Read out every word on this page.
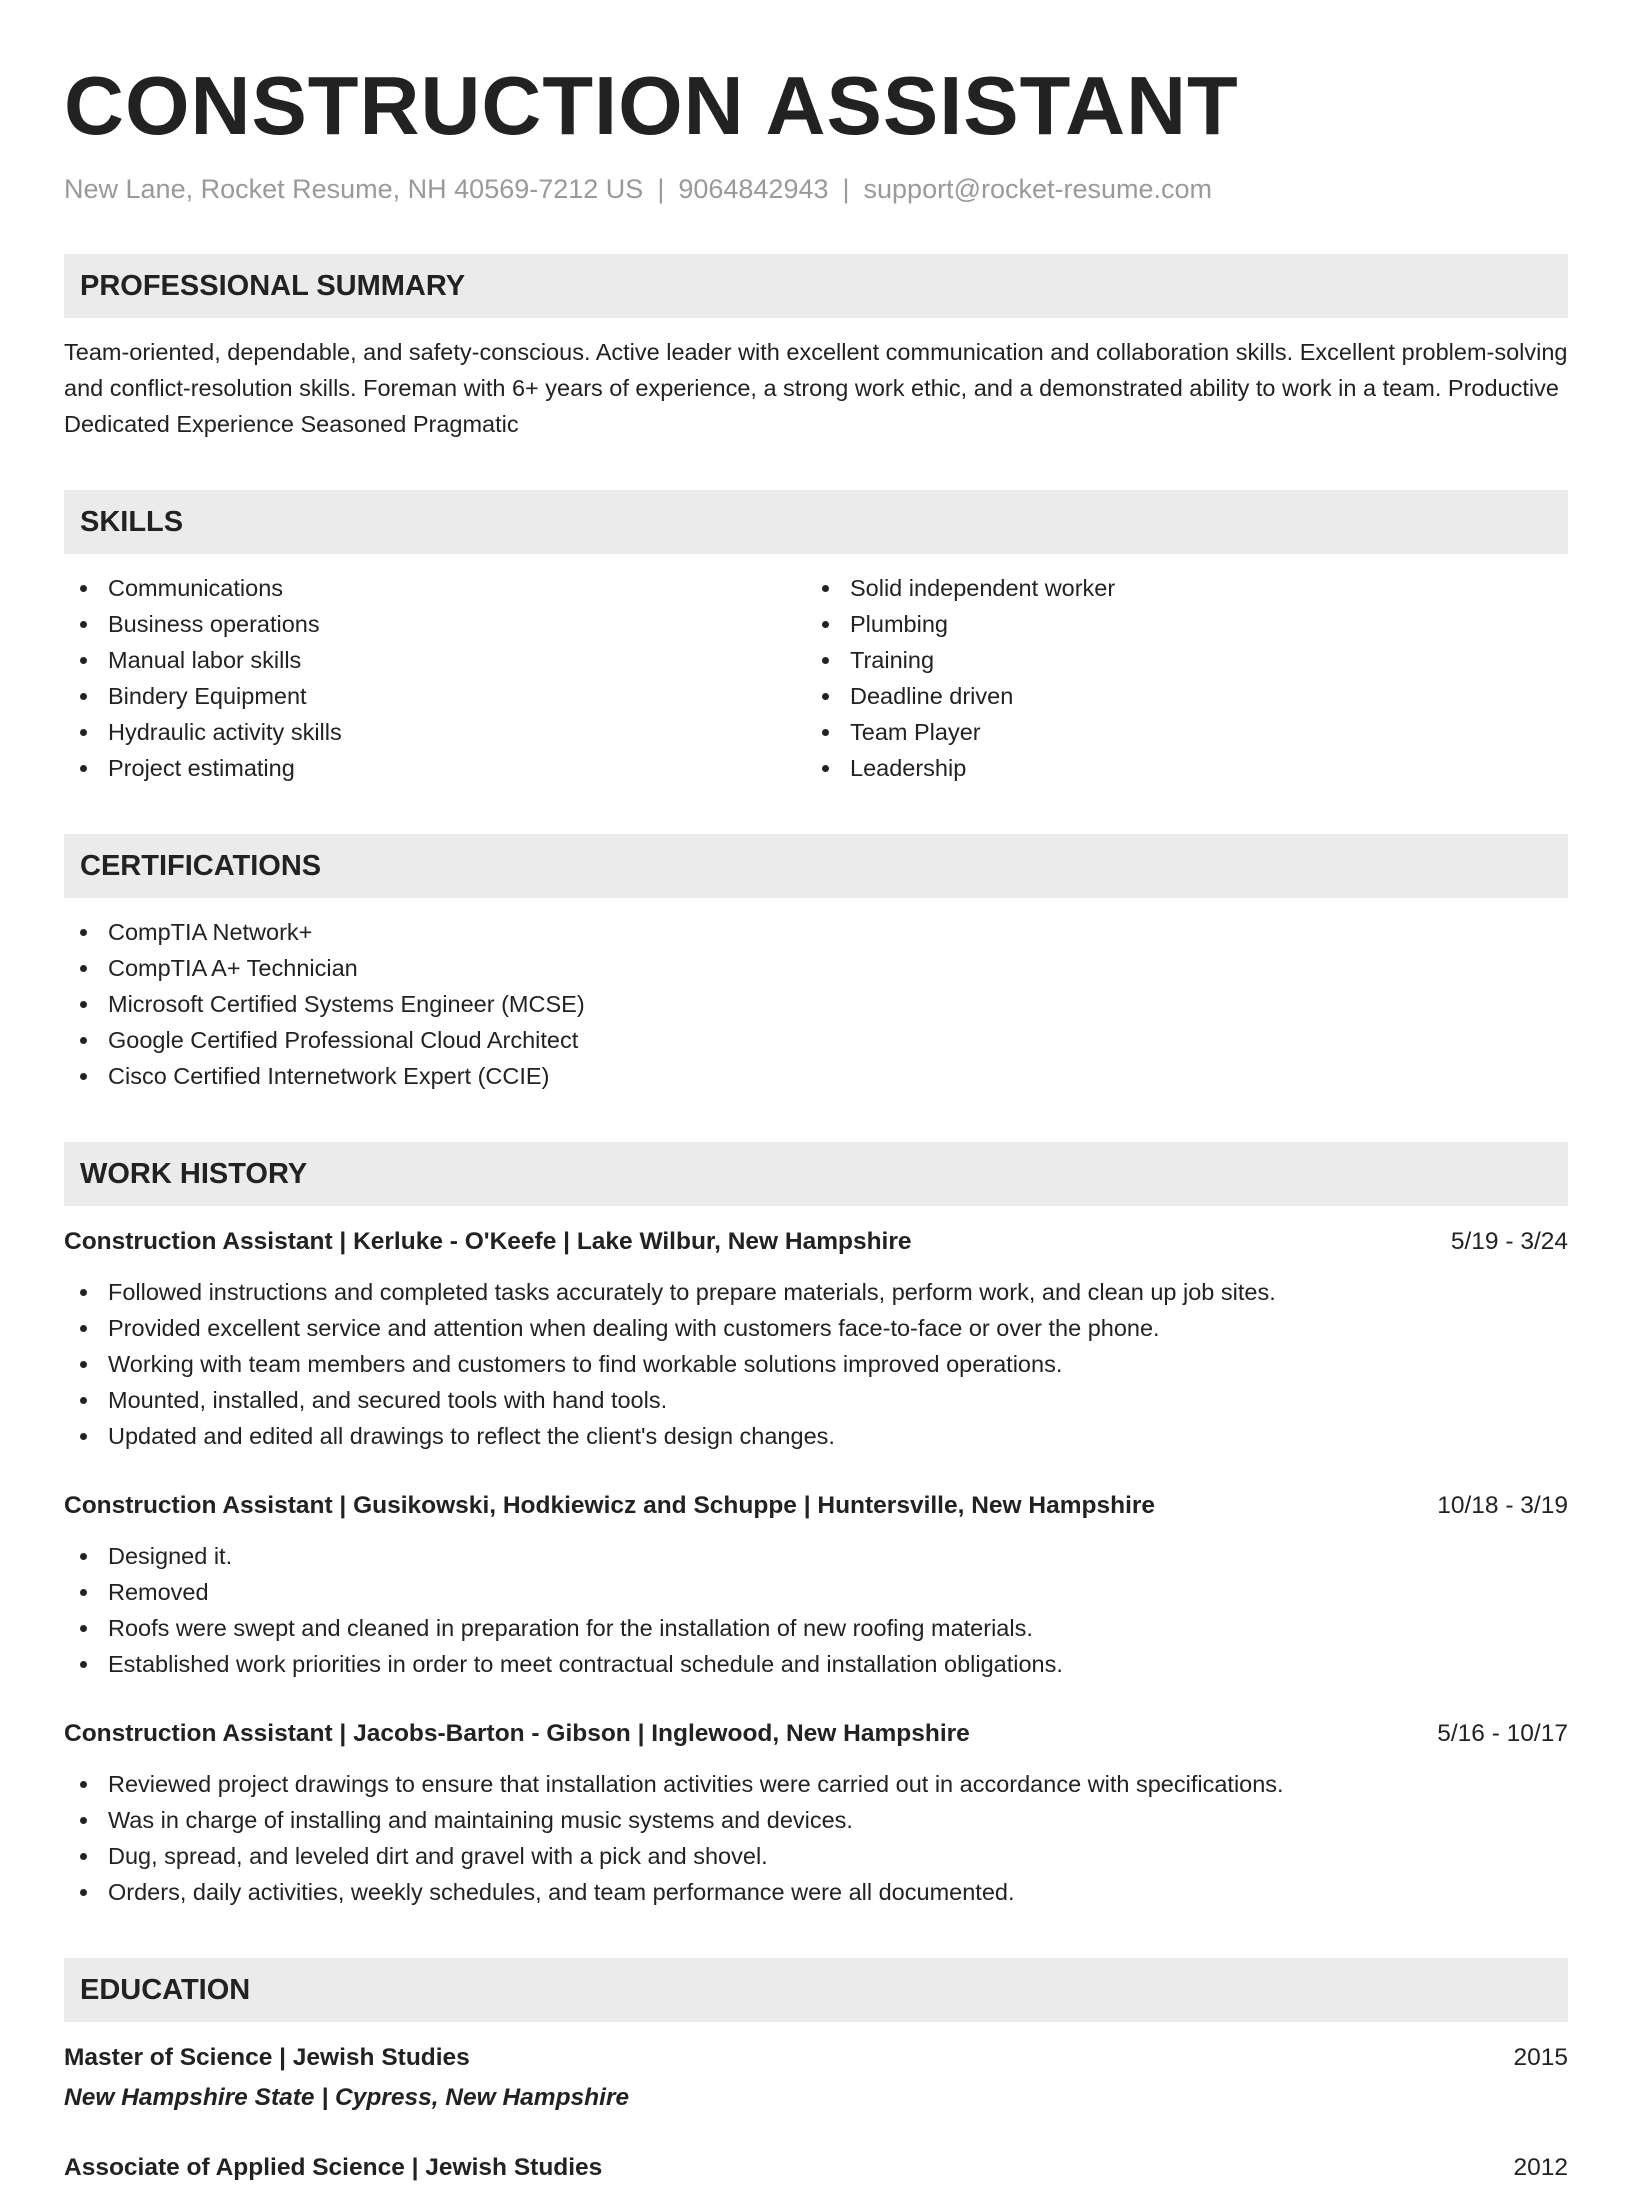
CONSTRUCTION ASSISTANT
New Lane, Rocket Resume, NH 40569-7212 US | 9064842943 | support@rocket-resume.com
PROFESSIONAL SUMMARY
Team-oriented, dependable, and safety-conscious. Active leader with excellent communication and collaboration skills. Excellent problem-solving and conflict-resolution skills. Foreman with 6+ years of experience, a strong work ethic, and a demonstrated ability to work in a team. Productive Dedicated Experience Seasoned Pragmatic
SKILLS
Communications
Business operations
Manual labor skills
Bindery Equipment
Hydraulic activity skills
Project estimating
Solid independent worker
Plumbing
Training
Deadline driven
Team Player
Leadership
CERTIFICATIONS
CompTIA Network+
CompTIA A+ Technician
Microsoft Certified Systems Engineer (MCSE)
Google Certified Professional Cloud Architect
Cisco Certified Internetwork Expert (CCIE)
WORK HISTORY
Construction Assistant | Kerluke - O'Keefe | Lake Wilbur, New Hampshire	5/19 - 3/24
Followed instructions and completed tasks accurately to prepare materials, perform work, and clean up job sites.
Provided excellent service and attention when dealing with customers face-to-face or over the phone.
Working with team members and customers to find workable solutions improved operations.
Mounted, installed, and secured tools with hand tools.
Updated and edited all drawings to reflect the client's design changes.
Construction Assistant | Gusikowski, Hodkiewicz and Schuppe | Huntersville, New Hampshire	10/18 - 3/19
Designed it.
Removed
Roofs were swept and cleaned in preparation for the installation of new roofing materials.
Established work priorities in order to meet contractual schedule and installation obligations.
Construction Assistant | Jacobs-Barton - Gibson | Inglewood, New Hampshire	5/16 - 10/17
Reviewed project drawings to ensure that installation activities were carried out in accordance with specifications.
Was in charge of installing and maintaining music systems and devices.
Dug, spread, and leveled dirt and gravel with a pick and shovel.
Orders, daily activities, weekly schedules, and team performance were all documented.
EDUCATION
Master of Science | Jewish Studies	2015
New Hampshire State | Cypress, New Hampshire
Associate of Applied Science | Jewish Studies	2012
